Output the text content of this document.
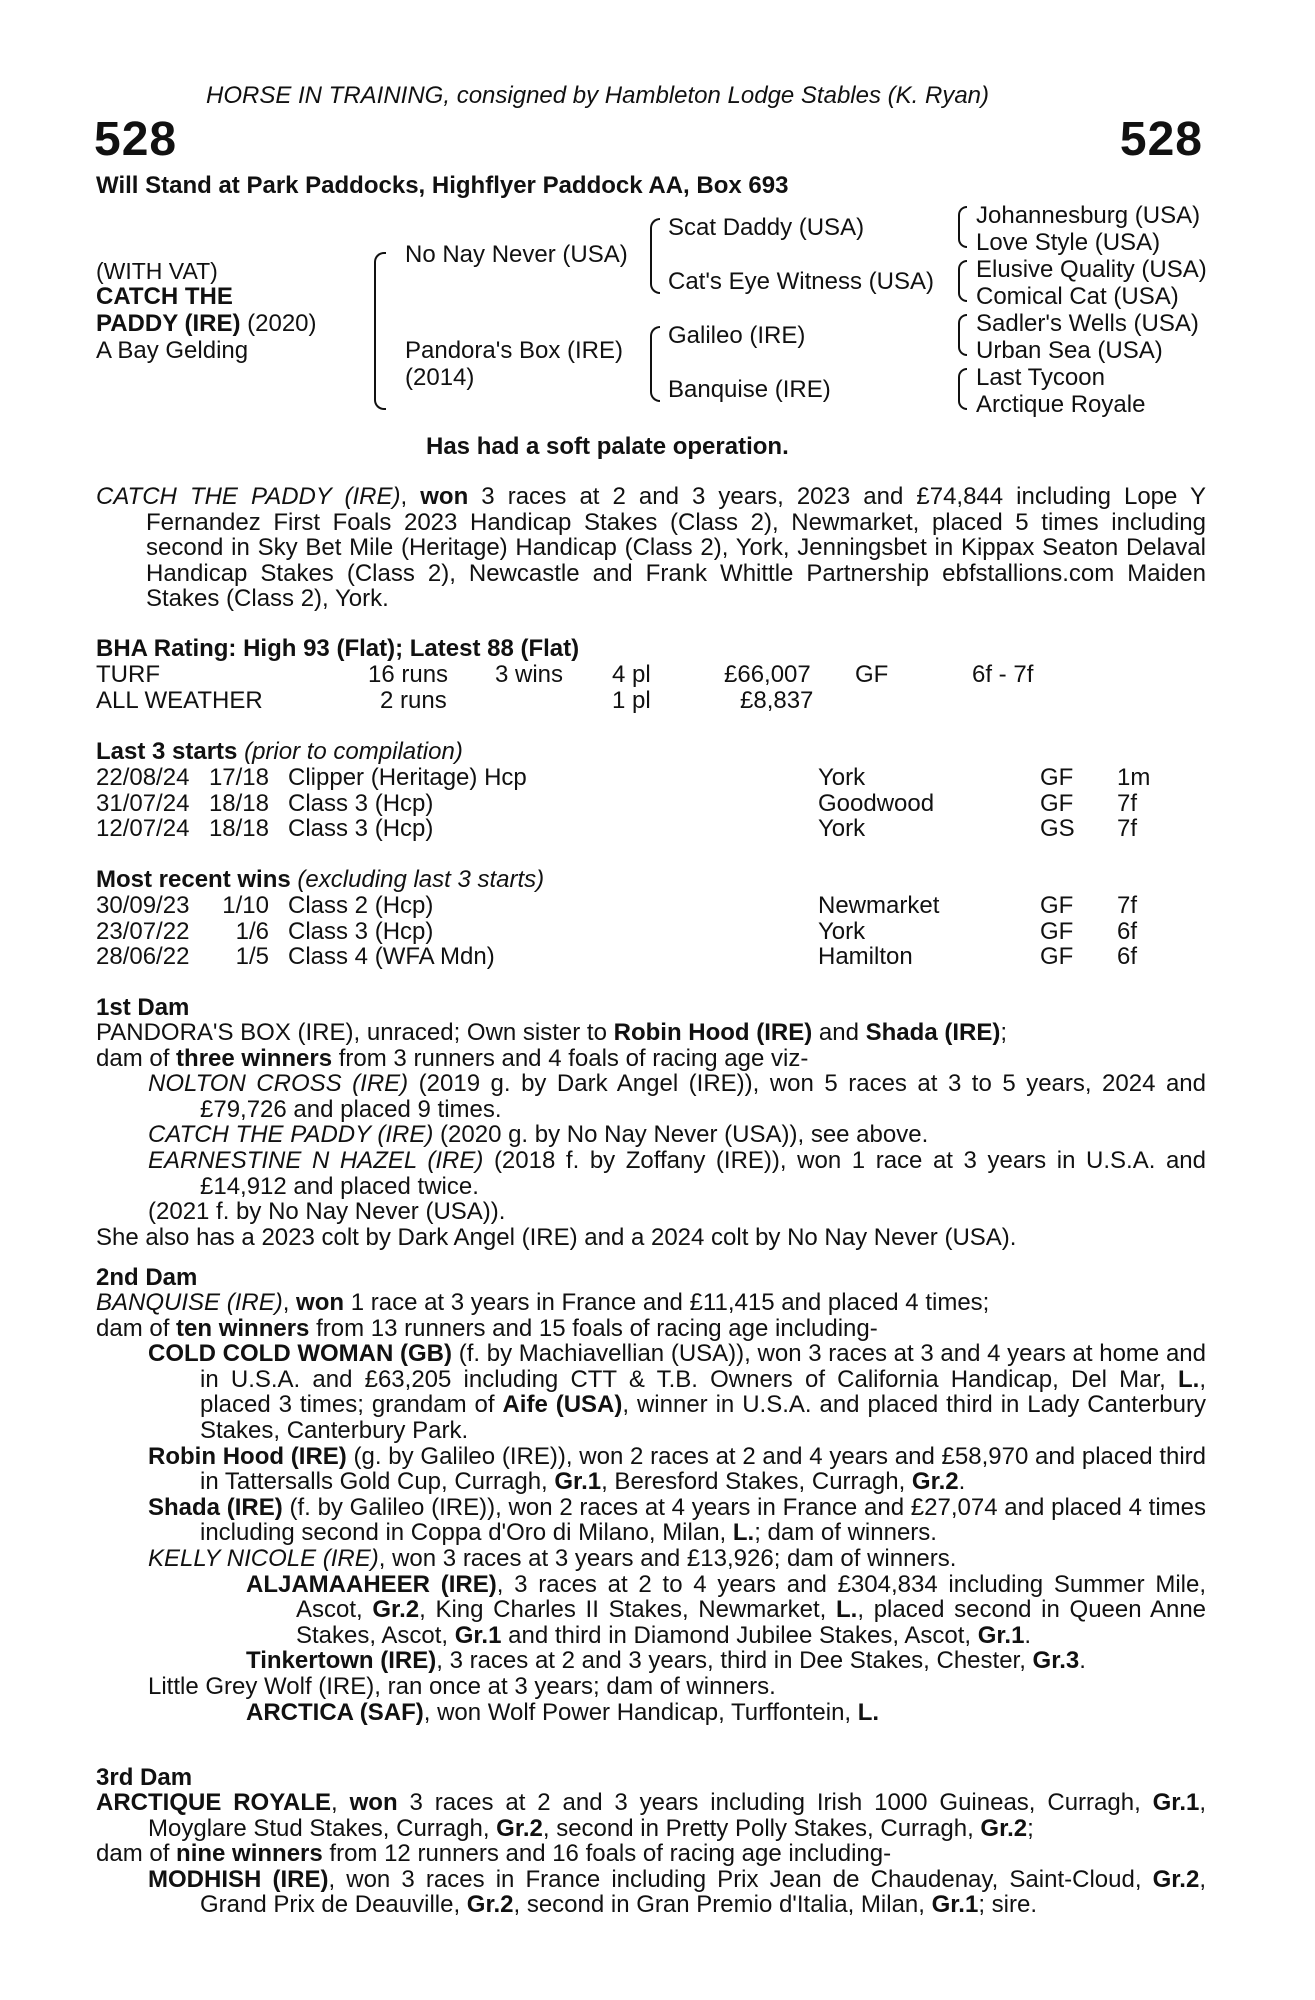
HORSE IN TRAINING, consigned by Hambleton Lodge Stables (K. Ryan)
528	528
Will Stand at Park Paddocks, Highflyer Paddock AA, Box 693
(WITH VAT)
CATCH THE
PADDY (IRE) (2020)
A Bay Gelding
No Nay Never (USA)
Pandora's Box (IRE)
(2014)
Scat Daddy (USA)
Cat's Eye Witness (USA)
Galileo (IRE)
Banquise (IRE)
Johannesburg (USA)
Love Style (USA)
Elusive Quality (USA)
Comical Cat (USA)
Sadler's Wells (USA)
Urban Sea (USA)
Last Tycoon
Arctique Royale
Has had a soft palate operation.
CATCH THE PADDY (IRE), won 3 races at 2 and 3 years, 2023 and £74,844 including Lope Y Fernandez First Foals 2023 Handicap Stakes (Class 2), Newmarket, placed 5 times including second in Sky Bet Mile (Heritage) Handicap (Class 2), York, Jenningsbet in Kippax Seaton Delaval Handicap Stakes (Class 2), Newcastle and Frank Whittle Partnership ebfstallions.com Maiden Stakes (Class 2), York.
BHA Rating: High 93 (Flat); Latest 88 (Flat)
TURF	16 runs 3 wins 4 pl	£66,007 GF	6f - 7f
ALL WEATHER	2 runs	1 pl	£8,837
Last 3 starts (prior to compilation)
22/08/24 17/18 Clipper (Heritage) Hcp	York	GF 1m
31/07/24 18/18 Class 3 (Hcp)	Goodwood	GF 7f
12/07/24 18/18 Class 3 (Hcp)	York	GS 7f
Most recent wins (excluding last 3 starts)
30/09/23 1/10 Class 2 (Hcp)	Newmarket	GF 7f
23/07/22 1/6 Class 3 (Hcp)	York	GF 6f
28/06/22 1/5 Class 4 (WFA Mdn)	Hamilton	GF 6f
1st Dam
PANDORA'S BOX (IRE), unraced; Own sister to Robin Hood (IRE) and Shada (IRE);
dam of three winners from 3 runners and 4 foals of racing age viz-
NOLTON CROSS (IRE) (2019 g. by Dark Angel (IRE)), won 5 races at 3 to 5 years, 2024 and £79,726 and placed 9 times.
CATCH THE PADDY (IRE) (2020 g. by No Nay Never (USA)), see above.
EARNESTINE N HAZEL (IRE) (2018 f. by Zoffany (IRE)), won 1 race at 3 years in U.S.A. and £14,912 and placed twice.
(2021 f. by No Nay Never (USA)).
She also has a 2023 colt by Dark Angel (IRE) and a 2024 colt by No Nay Never (USA).
2nd Dam
BANQUISE (IRE), won 1 race at 3 years in France and £11,415 and placed 4 times;
dam of ten winners from 13 runners and 15 foals of racing age including-
COLD COLD WOMAN (GB) (f. by Machiavellian (USA)), won 3 races at 3 and 4 years at home and in U.S.A. and £63,205 including CTT & T.B. Owners of California Handicap, Del Mar, L., placed 3 times; grandam of Aife (USA), winner in U.S.A. and placed third in Lady Canterbury Stakes, Canterbury Park.
Robin Hood (IRE) (g. by Galileo (IRE)), won 2 races at 2 and 4 years and £58,970 and placed third in Tattersalls Gold Cup, Curragh, Gr.1, Beresford Stakes, Curragh, Gr.2.
Shada (IRE) (f. by Galileo (IRE)), won 2 races at 4 years in France and £27,074 and placed 4 times including second in Coppa d'Oro di Milano, Milan, L.; dam of winners.
KELLY NICOLE (IRE), won 3 races at 3 years and £13,926; dam of winners.
ALJAMAAHEER (IRE), 3 races at 2 to 4 years and £304,834 including Summer Mile, Ascot, Gr.2, King Charles II Stakes, Newmarket, L., placed second in Queen Anne Stakes, Ascot, Gr.1 and third in Diamond Jubilee Stakes, Ascot, Gr.1.
Tinkertown (IRE), 3 races at 2 and 3 years, third in Dee Stakes, Chester, Gr.3.
Little Grey Wolf (IRE), ran once at 3 years; dam of winners.
ARCTICA (SAF), won Wolf Power Handicap, Turffontein, L.
3rd Dam
ARCTIQUE ROYALE, won 3 races at 2 and 3 years including Irish 1000 Guineas, Curragh, Gr.1, Moyglare Stud Stakes, Curragh, Gr.2, second in Pretty Polly Stakes, Curragh, Gr.2;
dam of nine winners from 12 runners and 16 foals of racing age including-
MODHISH (IRE), won 3 races in France including Prix Jean de Chaudenay, Saint-Cloud, Gr.2, Grand Prix de Deauville, Gr.2, second in Gran Premio d'Italia, Milan, Gr.1; sire.
